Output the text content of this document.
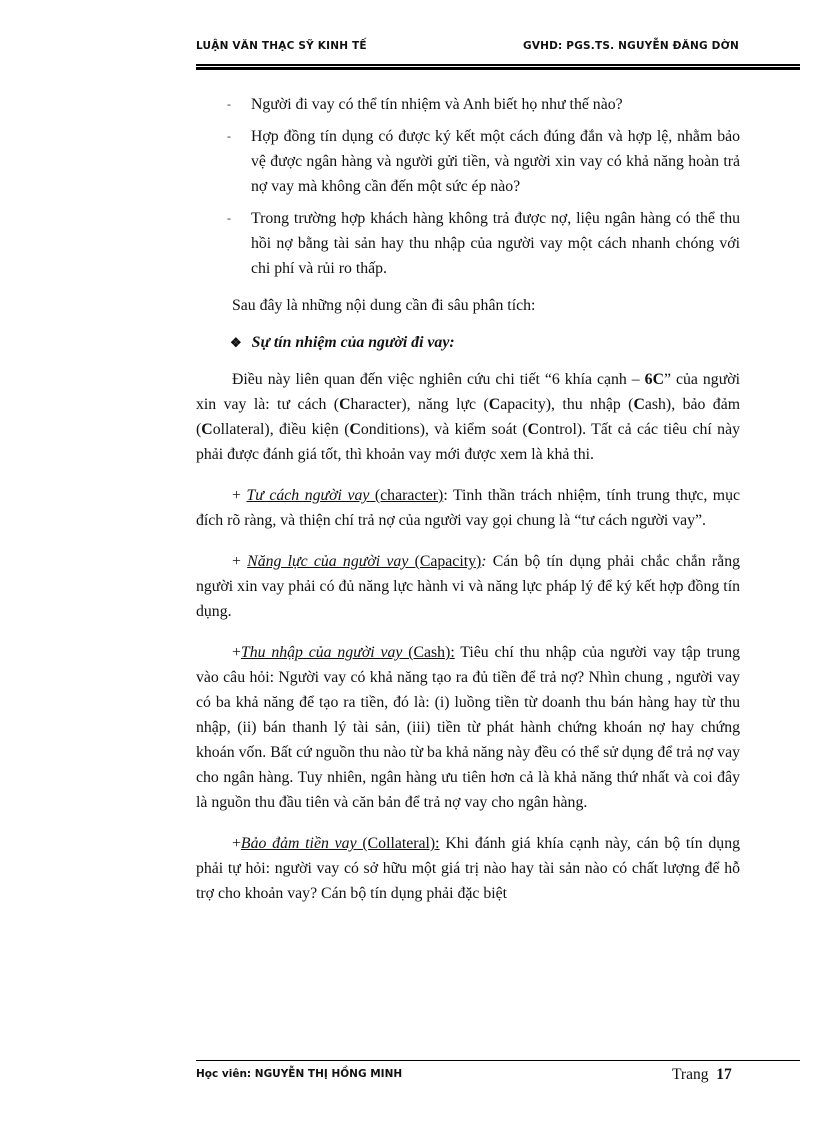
LUẬN VĂN THẠC SỸ KINH TẾ	GVHD: PGS.TS. NGUYỄN ĐĂNG DỜN
- Người đi vay có thể tín nhiệm và Anh biết họ như thế nào?
- Hợp đồng tín dụng có được ký kết một cách đúng đắn và hợp lệ, nhằm bảo vệ được ngân hàng và người gửi tiền, và người xin vay có khả năng hoàn trả nợ vay mà không cần đến một sức ép nào?
- Trong trường hợp khách hàng không trả được nợ, liệu ngân hàng có thể thu hồi nợ bằng tài sản hay thu nhập của người vay một cách nhanh chóng với chi phí và rủi ro thấp.

Sau đây là những nội dung cần đi sâu phân tích:

❖ Sự tín nhiệm của người đi vay:

Điều này liên quan đến việc nghiên cứu chi tiết “6 khía cạnh – 6C” của người xin vay là: tư cách (Character), năng lực (Capacity), thu nhập (Cash), bảo đảm (Collateral), điều kiện (Conditions), và kiểm soát (Control). Tất cả các tiêu chí này phải được đánh giá tốt, thì khoản vay mới được xem là khả thi.

+ Tư cách người vay (character): Tinh thần trách nhiệm, tính trung thực, mục đích rõ ràng, và thiện chí trả nợ của người vay gọi chung là “tư cách người vay”.

+ Năng lực của người vay (Capacity): Cán bộ tín dụng phải chắc chắn rằng người xin vay phải có đủ năng lực hành vi và năng lực pháp lý để ký kết hợp đồng tín dụng.

+Thu nhập của người vay (Cash): Tiêu chí thu nhập của người vay tập trung vào câu hỏi: Người vay có khả năng tạo ra đủ tiền để trả nợ? Nhìn chung , người vay có ba khả năng để tạo ra tiền, đó là: (i) luồng tiền từ doanh thu bán hàng hay từ thu nhập, (ii) bán thanh lý tài sản, (iii) tiền từ phát hành chứng khoán nợ hay chứng khoán vốn. Bất cứ nguồn thu nào từ ba khả năng này đều có thể sử dụng để trả nợ vay cho ngân hàng. Tuy nhiên, ngân hàng ưu tiên hơn cả là khả năng thứ nhất và coi đây là nguồn thu đầu tiên và căn bản để trả nợ vay cho ngân hàng.

+Bảo đảm tiền vay (Collateral): Khi đánh giá khía cạnh này, cán bộ tín dụng phải tự hỏi: người vay có sở hữu một giá trị nào hay tài sản nào có chất lượng để hỗ trợ cho khoản vay? Cán bộ tín dụng phải đặc biệt

Học viên: NGUYỄN THỊ HỒNG MINH	Trang 17
